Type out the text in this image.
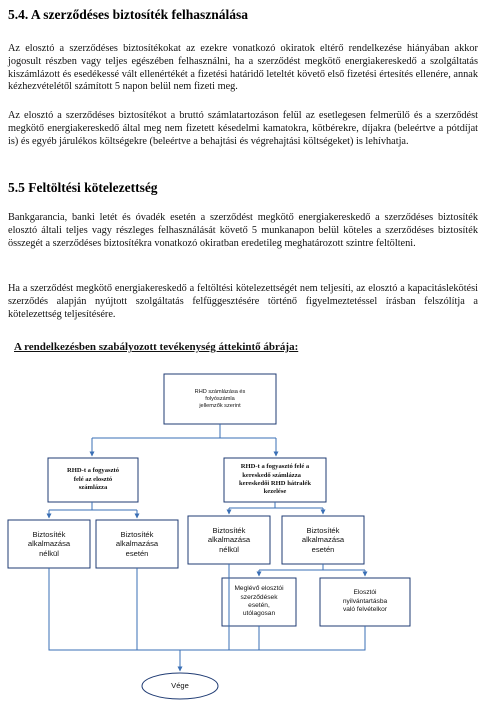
5.4. A szerződéses biztosíték felhasználása

Az elosztó a szerződéses biztosítékokat az ezekre vonatkozó okiratok eltérő rendelkezése hiányában akkor jogosult részben vagy teljes egészében felhasználni, ha a szerződést megkötő energiakereskedő a szolgáltatás kiszámlázott és esedékessé vált ellenértékét a fizetési határidő leteltét követő első fizetési értesítés ellenére, annak kézhezvételétől számított 5 napon belül nem fizeti meg.

Az elosztó a szerződéses biztosítékot a bruttó számlatartozáson felül az esetlegesen felmerülő és a szerződést megkötő energiakereskedő által meg nem fizetett késedelmi kamatokra, kötbérekre, díjakra (beleértve a pótdíjat is) és egyéb járulékos költségekre (beleértve a behajtási és végrehajtási költségeket) is lehívhatja.

5.5 Feltöltési kötelezettség

Bankgarancia, banki letét és óvadék esetén a szerződést megkötő energiakereskedő a szerződéses biztosíték elosztó általi teljes vagy részleges felhasználását követő 5 munkanapon belül köteles a szerződéses biztosíték összegét a szerződéses biztosítékra vonatkozó okiratban eredetileg meghatározott szintre feltölteni.

Ha a szerződést megkötő energiakereskedő a feltöltési kötelezettségét nem teljesíti, az elosztó a kapacitáslekötési szerződés alapján nyújtott szolgáltatás felfüggesztésére történő figyelmeztetéssel írásban felszólítja a kötelezettség teljesítésére.

A rendelkezésben szabályozott tevékenység áttekintő ábrája:

RHD számlázása és
folyószámla
jellemzők szerint
RHD-t a fogyasztó
felé az elosztó
számlázza
RHD-t a fogyasztó felé a
kereskedő számlázza ⃞
kereskedői RHD hátralék
kezelése
Biztosíték
alkalmazása
nélkül
Biztosíték
alkalmazása
esetén
Biztosíték
alkalmazása
nélkül
Biztosíték
alkalmazása
esetén
Meglévő elosztói
szerződések
esetén,
utólagosan
Elosztói
nyilvántartásba
való felvételkor
Vége
